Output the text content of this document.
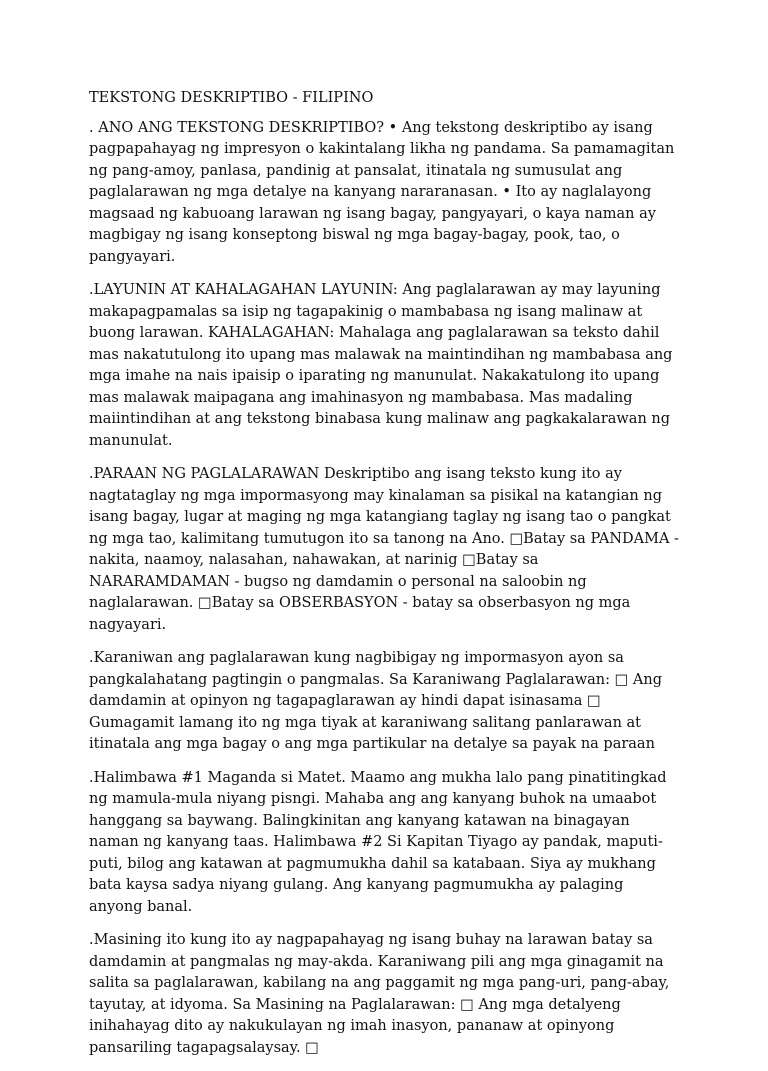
TEKSTONG DESKRIPTIBO - FILIPINO

. ANO ANG TEKSTONG DESKRIPTIBO? • Ang tekstong deskriptibo ay isang pagpapahayag ng impresyon o kakintalang likha ng pandama. Sa pamamagitan ng pang-amoy, panlasa, pandinig at pansalat, itinatala ng sumusulat ang paglalarawan ng mga detalye na kanyang nararanasan. • Ito ay naglalayong magsaad ng kabuoang larawan ng isang bagay, pangyayari, o kaya naman ay magbigay ng isang konseptong biswal ng mga bagay-bagay, pook, tao, o pangyayari.

.LAYUNIN AT KAHALAGAHAN LAYUNIN: Ang paglalarawan ay may layuning makapagpamalas sa isip ng tagapakinig o mambabasa ng isang malinaw at buong larawan. KAHALAGAHAN: Mahalaga ang paglalarawan sa teksto dahil mas nakatutulong ito upang mas malawak na maintindihan ng mambabasa ang mga imahe na nais ipaisip o iparating ng manunulat. Nakakatulong ito upang mas malawak maipagana ang imahinasyon ng mambabasa. Mas madaling maiintindihan at ang tekstong binabasa kung malinaw ang pagkakalarawan ng manunulat.

.PARAAN NG PAGLALARAWAN Deskriptibo ang isang teksto kung ito ay nagtataglay ng mga impormasyong may kinalaman sa pisikal na katangian ng isang bagay, lugar at maging ng mga katangiang taglay ng isang tao o pangkat ng mga tao, kalimitang tumutugon ito sa tanong na Ano. □Batay sa PANDAMA - nakita, naamoy, nalasahan, nahawakan, at narinig □Batay sa NARARAMDAMAN - bugso ng damdamin o personal na saloobin ng naglalarawan. □Batay sa OBSERBASYON - batay sa obserbasyon ng mga nagyayari.

.Karaniwan ang paglalarawan kung nagbibigay ng impormasyon ayon sa pangkalahatang pagtingin o pangmalas. Sa Karaniwang Paglalarawan: □ Ang damdamin at opinyon ng tagapaglarawan ay hindi dapat isinasama □ Gumagamit lamang ito ng mga tiyak at karaniwang salitang panlarawan at itinatala ang mga bagay o ang mga partikular na detalye sa payak na paraan

.Halimbawa #1 Maganda si Matet. Maamo ang mukha lalo pang pinatitingkad ng mamula-mula niyang pisngi. Mahaba ang ang kanyang buhok na umaabot hanggang sa baywang. Balingkinitan ang kanyang katawan na binagayan naman ng kanyang taas. Halimbawa #2 Si Kapitan Tiyago ay pandak, maputi-puti, bilog ang katawan at pagmumukha dahil sa katabaan. Siya ay mukhang bata kaysa sadya niyang gulang. Ang kanyang pagmumukha ay palaging anyong banal.

.Masining ito kung ito ay nagpapahayag ng isang buhay na larawan batay sa damdamin at pangmalas ng may-akda. Karaniwang pili ang mga ginagamit na salita sa paglalarawan, kabilang na ang paggamit ng mga pang-uri, pang-abay, tayutay, at idyoma. Sa Masining na Paglalarawan: □ Ang mga detalyeng inihahayag dito ay nakukulayan ng imah inasyon, pananaw at opinyong pansariling tagapagsalaysay. □
